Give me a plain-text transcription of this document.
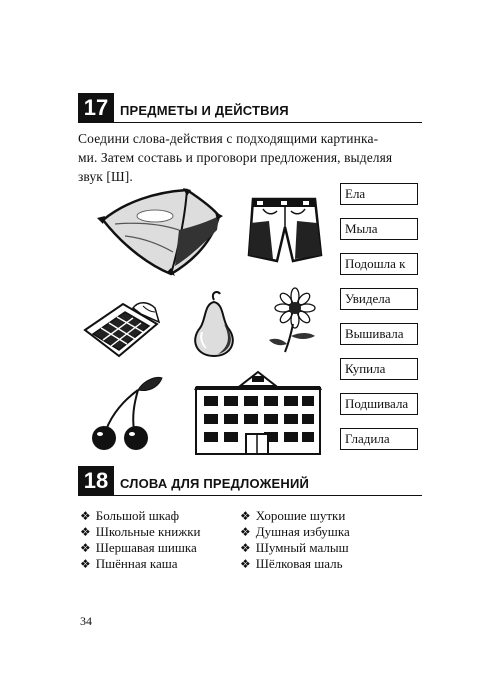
17 ПРЕДМЕТЫ И ДЕЙСТВИЯ
Соедини слова-действия с подходящими картинка-
ми. Затем составь и проговори предложения, выделяя
звук [Ш].
Ела
Мыла
Подошла к
Увидела
Вышивала
Купила
Подшивала
Гладила
18 СЛОВА ДЛЯ ПРЕДЛОЖЕНИЙ
❖ Большой шкаф
❖ Школьные книжки
❖ Шершавая шишка
❖ Пшённая каша
❖ Хорошие шутки
❖ Душная избушка
❖ Шумный малыш
❖ Шёлковая шаль
34
